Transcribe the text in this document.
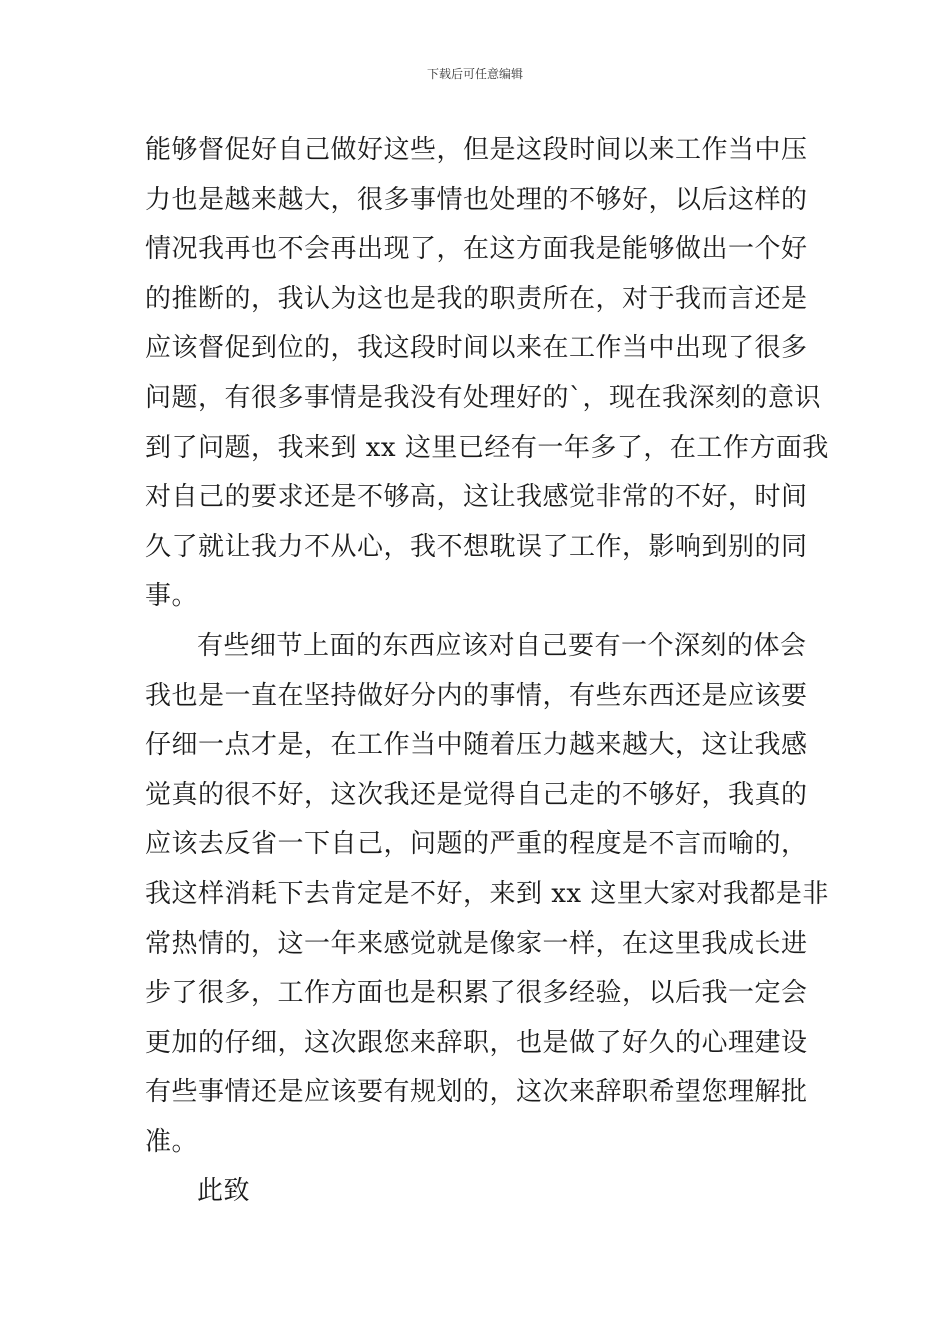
下载后可任意编辑
能够督促好自己做好这些，但是这段时间以来工作当中压
力也是越来越大，很多事情也处理的不够好，以后这样的
情况我再也不会再出现了，在这方面我是能够做出一个好
的推断的，我认为这也是我的职责所在，对于我而言还是
应该督促到位的，我这段时间以来在工作当中出现了很多
问题，有很多事情是我没有处理好的`，现在我深刻的意识
到了问题，我来到 xx 这里已经有一年多了，在工作方面我
对自己的要求还是不够高，这让我感觉非常的不好，时间
久了就让我力不从心，我不想耽误了工作，影响到别的同
事。
有些细节上面的东西应该对自己要有一个深刻的体会
我也是一直在坚持做好分内的事情，有些东西还是应该要
仔细一点才是，在工作当中随着压力越来越大，这让我感
觉真的很不好，这次我还是觉得自己走的不够好，我真的
应该去反省一下自己，问题的严重的程度是不言而喻的，
我这样消耗下去肯定是不好，来到 xx 这里大家对我都是非
常热情的，这一年来感觉就是像家一样，在这里我成长进
步了很多，工作方面也是积累了很多经验，以后我一定会
更加的仔细，这次跟您来辞职，也是做了好久的心理建设
有些事情还是应该要有规划的，这次来辞职希望您理解批
准。
此致
